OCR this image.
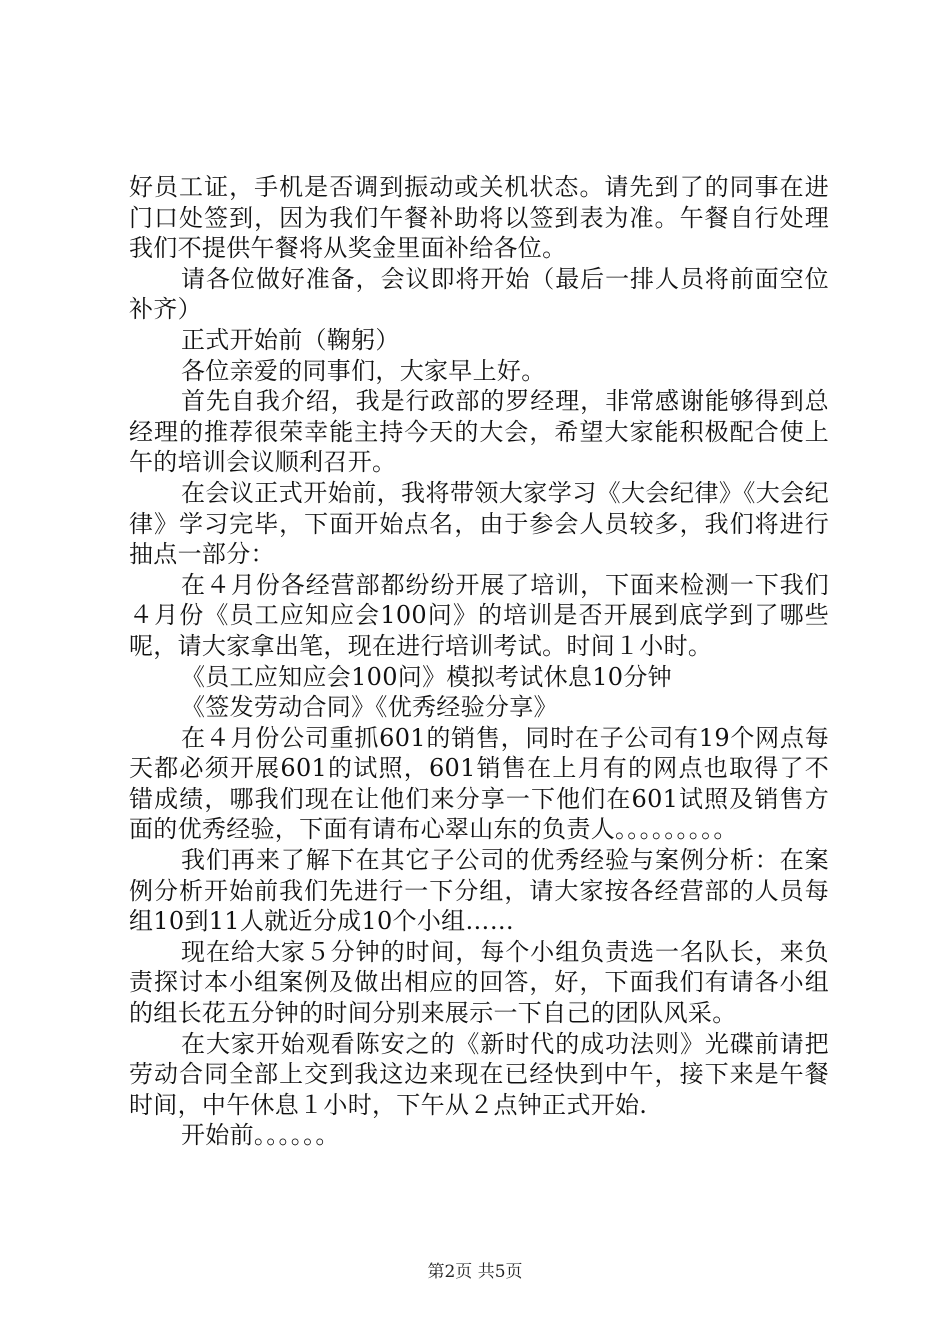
好员工证，手机是否调到振动或关机状态。请先到了的同事在进门口处签到，因为我们午餐补助将以签到表为准。午餐自行处理我们不提供午餐将从奖金里面补给各位。

请各位做好准备，会议即将开始（最后一排人员将前面空位补齐）

正式开始前（鞠躬）

各位亲爱的同事们，大家早上好。

首先自我介绍，我是行政部的罗经理，非常感谢能够得到总经理的推荐很荣幸能主持今天的大会，希望大家能积极配合使上午的培训会议顺利召开。

在会议正式开始前，我将带领大家学习《大会纪律》《大会纪律》学习完毕，下面开始点名，由于参会人员较多，我们将进行抽点一部分：

在４月份各经营部都纷纷开展了培训，下面来检测一下我们４月份《员工应知应会100问》的培训是否开展到底学到了哪些呢，请大家拿出笔，现在进行培训考试。时间１小时。

《员工应知应会100问》模拟考试休息10分钟

《签发劳动合同》《优秀经验分享》

在４月份公司重抓601的销售，同时在子公司有19个网点每天都必须开展601的试照，601销售在上月有的网点也取得了不错成绩，哪我们现在让他们来分享一下他们在601试照及销售方面的优秀经验，下面有请布心翠山东的负责人。。。。。。。。。

我们再来了解下在其它子公司的优秀经验与案例分析：在案例分析开始前我们先进行一下分组，请大家按各经营部的人员每组10到11人就近分成10个小组……

现在给大家５分钟的时间，每个小组负责选一名队长，来负责探讨本小组案例及做出相应的回答，好，下面我们有请各小组的组长花五分钟的时间分别来展示一下自己的团队风采。

在大家开始观看陈安之的《新时代的成功法则》光碟前请把劳动合同全部上交到我这边来现在已经快到中午，接下来是午餐时间，中午休息１小时，下午从２点钟正式开始.

开始前。。。。。。

第2页 共5页
